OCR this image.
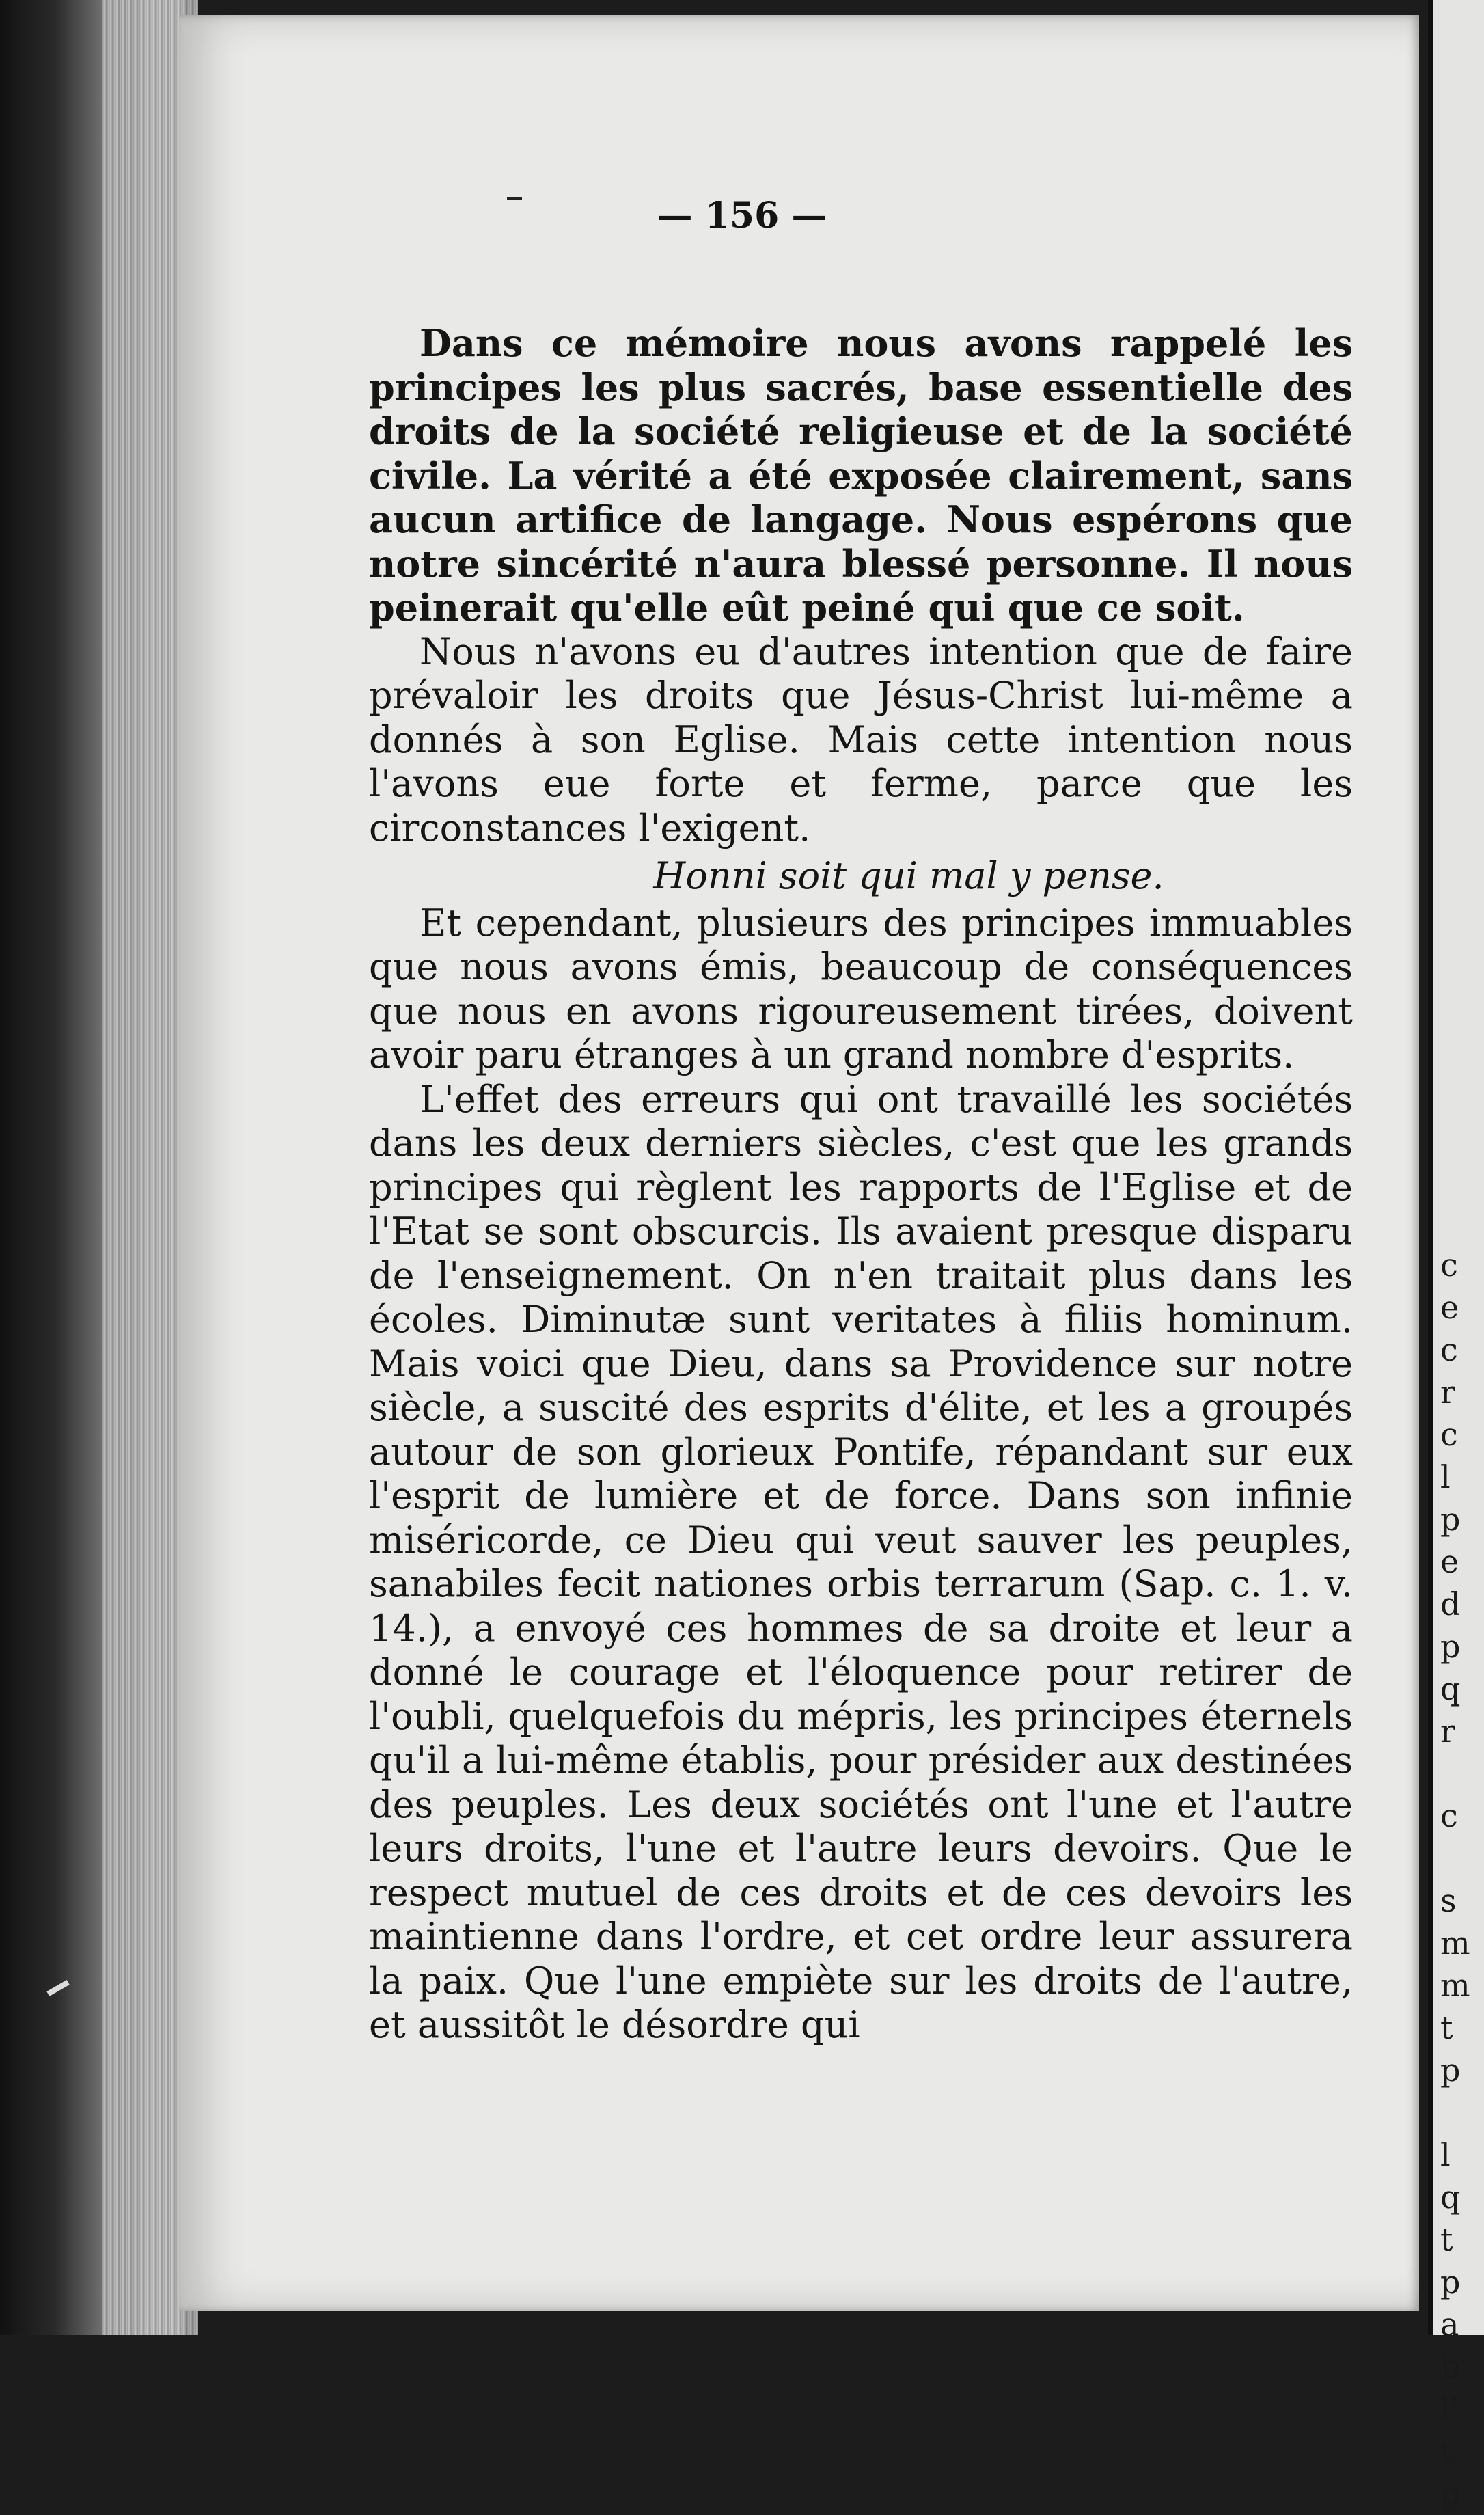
c
e
c
r
c
l
p
e
d
p
q
r

c

s
m
m
t
p

l
q
t
p
a
b
l'
t
p
— 156 —

Dans ce mémoire nous avons rappelé les principes les plus sacrés, base essentielle des droits de la société religieuse et de la société civile. La vérité a été exposée clairement, sans aucun artifice de langage. Nous espérons que notre sincérité n'aura blessé personne. Il nous peinerait qu'elle eût peiné qui que ce soit.

Nous n'avons eu d'autres intention que de faire prévaloir les droits que Jésus-Christ lui-même a donnés à son Eglise. Mais cette intention nous l'avons eue forte et ferme, parce que les circonstances l'exigent.

Honni soit qui mal y pense.

Et cependant, plusieurs des principes immuables que nous avons émis, beaucoup de conséquences que nous en avons rigoureusement tirées, doivent avoir paru étranges à un grand nombre d'esprits.

L'effet des erreurs qui ont travaillé les sociétés dans les deux derniers siècles, c'est que les grands principes qui règlent les rapports de l'Eglise et de l'Etat se sont obscurcis. Ils avaient presque disparu de l'enseignement. On n'en traitait plus dans les écoles. Diminutæ sunt veritates à filiis hominum. Mais voici que Dieu, dans sa Providence sur notre siècle, a suscité des esprits d'élite, et les a groupés autour de son glorieux Pontife, répandant sur eux l'esprit de lumière et de force. Dans son infinie miséricorde, ce Dieu qui veut sauver les peuples, sanabiles fecit nationes orbis terrarum (Sap. c. 1. v. 14.), a envoyé ces hommes de sa droite et leur a donné le courage et l'éloquence pour retirer de l'oubli, quelquefois du mépris, les principes éternels qu'il a lui-même établis, pour présider aux destinées des peuples. Les deux sociétés ont l'une et l'autre leurs droits, l'une et l'autre leurs devoirs. Que le respect mutuel de ces droits et de ces devoirs les maintienne dans l'ordre, et cet ordre leur assurera la paix. Que l'une empiète sur les droits de l'autre, et aussitôt le désordre qui
